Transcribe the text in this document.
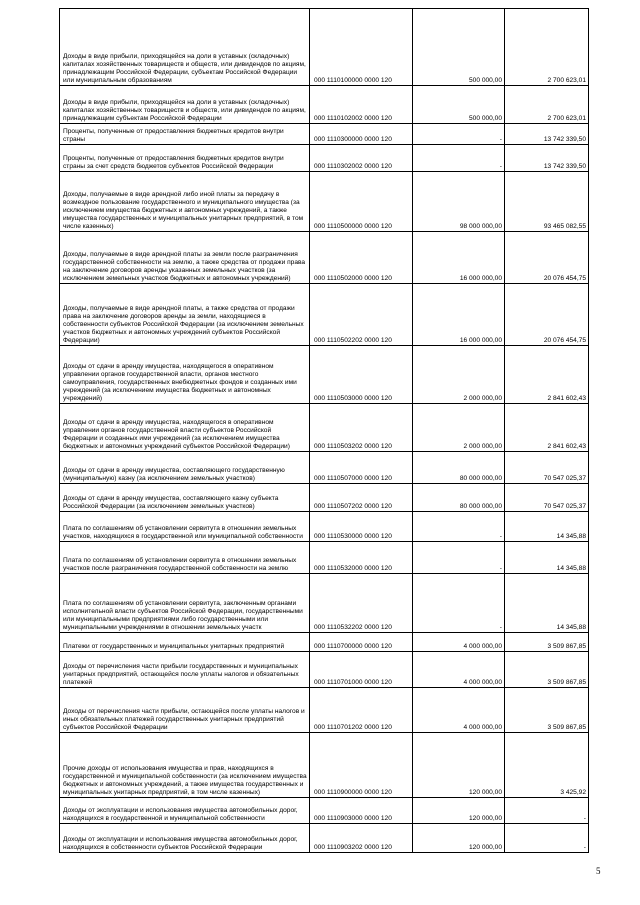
Доходы в виде прибыли, приходящейся на доли в уставных (складочных) капиталах хозяйственных товариществ и обществ, или дивидендов по акциям, принадлежащим Российской Федерации, субъектам Российской Федерации или муниципальным образованиям	000 1110100000 0000 120	500 000,00	2 700 623,01
Доходы в виде прибыли, приходящейся на доли в уставных (складочных) капиталах хозяйственных товариществ и обществ, или дивидендов по акциям, принадлежащим субъектам Российской Федерации	000 1110102002 0000 120	500 000,00	2 700 623,01
Проценты, полученные от предоставления бюджетных кредитов внутри страны	000 1110300000 0000 120	-	13 742 339,50
Проценты, полученные от предоставления бюджетных кредитов внутри страны за счет средств бюджетов субъектов Российской Федерации	000 1110302002 0000 120	-	13 742 339,50
Доходы, получаемые в виде арендной либо иной платы за передачу в возмездное пользование государственного и муниципального имущества (за исключением имущества бюджетных и автономных учреждений, а также имущества государственных и муниципальных унитарных предприятий, в том числе казенных)	000 1110500000 0000 120	98 000 000,00	93 465 082,55
Доходы, получаемые в виде арендной платы за земли после разграничения государственной собственности на землю, а также средства от продажи права на заключение договоров аренды указанных земельных участков (за исключением земельных участков бюджетных и автономных учреждений)	000 1110502000 0000 120	16 000 000,00	20 076 454,75
Доходы, получаемые в виде арендной платы, а также средства от продажи права на заключение договоров аренды за земли, находящиеся в собственности субъектов Российской Федерации (за исключением земельных участков бюджетных и автономных учреждений субъектов Российской Федерации)	000 1110502202 0000 120	16 000 000,00	20 076 454,75
Доходы от сдачи в аренду имущества, находящегося в оперативном управлении органов государственной власти, органов местного самоуправления, государственных внебюджетных фондов и созданных ими учреждений (за исключением имущества бюджетных и автономных учреждений)	000 1110503000 0000 120	2 000 000,00	2 841 602,43
Доходы от сдачи в аренду имущества, находящегося в оперативном управлении органов государственной власти субъектов Российской Федерации и созданных ими учреждений (за исключением имущества бюджетных и автономных учреждений субъектов Российской Федерации)	000 1110503202 0000 120	2 000 000,00	2 841 602,43
Доходы от сдачи в аренду имущества, составляющего государственную (муниципальную) казну (за исключением земельных участков)	000 1110507000 0000 120	80 000 000,00	70 547 025,37
Доходы от сдачи в аренду имущества, составляющего казну субъекта Российской Федерации (за исключением земельных участков)	000 1110507202 0000 120	80 000 000,00	70 547 025,37
Плата по соглашениям об установлении сервитута в отношении земельных участков, находящихся в государственной или муниципальной собственности	000 1110530000 0000 120	-	14 345,88
Плата по соглашениям об установлении сервитута в отношении земельных участков после разграничения государственной собственности на землю	000 1110532000 0000 120	-	14 345,88
Плата по соглашениям об установлении сервитута, заключенным органами исполнительной власти субъектов Российской Федерации, государственными или муниципальными предприятиями либо государственными или муниципальными учреждениями в отношении земельных участк	000 1110532202 0000 120	-	14 345,88
Платежи от государственных и муниципальных унитарных предприятий	000 1110700000 0000 120	4 000 000,00	3 509 867,85
Доходы от перечисления части прибыли государственных и муниципальных унитарных предприятий, остающейся после уплаты налогов и обязательных платежей	000 1110701000 0000 120	4 000 000,00	3 509 867,85
Доходы от перечисления части прибыли, остающейся после уплаты налогов и иных обязательных платежей государственных унитарных предприятий субъектов Российской Федерации	000 1110701202 0000 120	4 000 000,00	3 509 867,85
Прочие доходы от использования имущества и прав, находящихся в государственной и муниципальной собственности (за исключением имущества бюджетных и автономных учреждений, а также имущества государственных и муниципальных унитарных предприятий, в том числе казенных)	000 1110900000 0000 120	120 000,00	3 425,92
Доходы от эксплуатации и использования имущества автомобильных дорог, находящихся в государственной и муниципальной собственности	000 1110903000 0000 120	120 000,00	-
Доходы от эксплуатации и использования имущества автомобильных дорог, находящихся в собственности субъектов Российской Федерации	000 1110903202 0000 120	120 000,00	-
5
